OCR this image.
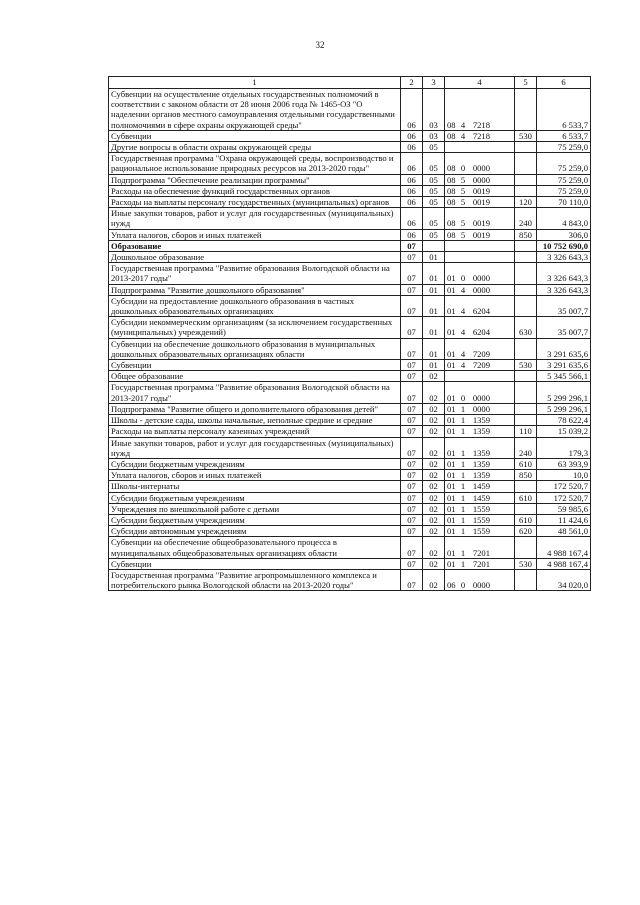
32
1	2	3	4	5	6
Субвенции на осуществление отдельных государственных полномочий в соответствии с законом области от 28 июня 2006 года № 1465-ОЗ "О наделении органов местного самоуправления отдельными государственными полномочиями в сфере охраны окружающей среды"	06	03	08 4 7218		6 533,7
Субвенции	06	03	08 4 7218	530	6 533,7
Другие вопросы в области охраны окружающей среды	06	05			75 259,0
Государственная программа "Охрана окружающей среды, воспроизводство и рациональное использование природных ресурсов на 2013-2020 годы"	06	05	08 0 0000		75 259,0
Подпрограмма "Обеспечение реализации программы"	06	05	08 5 0000		75 259,0
Расходы на обеспечение функций государственных органов	06	05	08 5 0019		75 259,0
Расходы на выплаты персоналу государственных (муниципальных) органов	06	05	08 5 0019	120	70 110,0
Иные закупки товаров, работ и услуг для государственных (муниципальных) нужд	06	05	08 5 0019	240	4 843,0
Уплата налогов, сборов и иных платежей	06	05	08 5 0019	850	306,0
Образование	07				10 752 690,0
Дошкольное образование	07	01			3 326 643,3
Государственная программа "Развитие образования Вологодской области на 2013-2017 годы"	07	01	01 0 0000		3 326 643,3
Подпрограмма "Развитие дошкольного образования"	07	01	01 4 0000		3 326 643,3
Субсидии на предоставление дошкольного образования в частных дошкольных образовательных организациях	07	01	01 4 6204		35 007,7
Субсидии некоммерческим организациям (за исключением государственных (муниципальных) учреждений)	07	01	01 4 6204	630	35 007,7
Субвенции на обеспечение дошкольного образования в муниципальных дошкольных образовательных организациях области	07	01	01 4 7209		3 291 635,6
Субвенции	07	01	01 4 7209	530	3 291 635,6
Общее образование	07	02			5 345 566,1
Государственная программа "Развитие образования Вологодской области на 2013-2017 годы"	07	02	01 0 0000		5 299 296,1
Подпрограмма "Развитие общего и дополнительного образования детей"	07	02	01 1 0000		5 299 296,1
Школы - детские сады, школы начальные, неполные средние и средние	07	02	01 1 1359		78 622,4
Расходы на выплаты персоналу казенных учреждений	07	02	01 1 1359	110	15 039,2
Иные закупки товаров, работ и услуг для государственных (муниципальных) нужд	07	02	01 1 1359	240	179,3
Субсидии бюджетным учреждениям	07	02	01 1 1359	610	63 393,9
Уплата налогов, сборов и иных платежей	07	02	01 1 1359	850	10,0
Школы-интернаты	07	02	01 1 1459		172 520,7
Субсидии бюджетным учреждениям	07	02	01 1 1459	610	172 520,7
Учреждения по внешкольной работе с детьми	07	02	01 1 1559		59 985,6
Субсидии бюджетным учреждениям	07	02	01 1 1559	610	11 424,6
Субсидии автономным учреждениям	07	02	01 1 1559	620	48 561,0
Субвенции на обеспечение общеобразовательного процесса в муниципальных общеобразовательных организациях области	07	02	01 1 7201		4 988 167,4
Субвенции	07	02	01 1 7201	530	4 988 167,4
Государственная программа "Развитие агропромышленного комплекса и потребительского рынка Вологодской области на 2013-2020 годы"	07	02	06 0 0000		34 020,0
